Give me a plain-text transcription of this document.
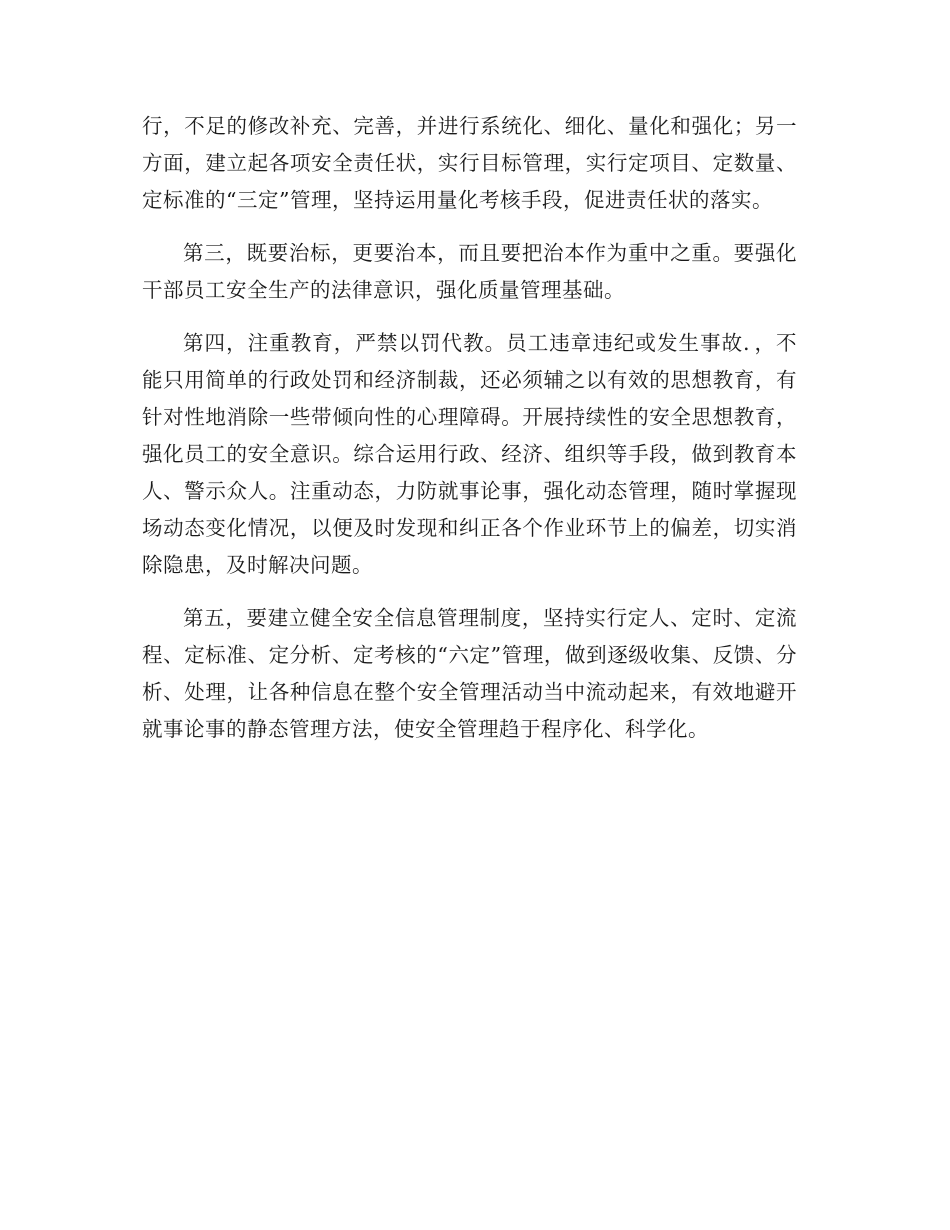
行，不足的修改补充、完善，并进行系统化、细化、量化和强化；另一方面，建立起各项安全责任状，实行目标管理，实行定项目、定数量、定标准的“三定”管理，坚持运用量化考核手段，促进责任状的落实。

第三，既要治标，更要治本，而且要把治本作为重中之重。要强化干部员工安全生产的法律意识，强化质量管理基础。

第四，注重教育，严禁以罚代教。员工违章违纪或发生事故．，不能只用简单的行政处罚和经济制裁，还必须辅之以有效的思想教育，有针对性地消除一些带倾向性的心理障碍。开展持续性的安全思想教育，强化员工的安全意识。综合运用行政、经济、组织等手段，做到教育本人、警示众人。注重动态，力防就事论事，强化动态管理，随时掌握现场动态变化情况，以便及时发现和纠正各个作业环节上的偏差，切实消除隐患，及时解决问题。

第五，要建立健全安全信息管理制度，坚持实行定人、定时、定流程、定标准、定分析、定考核的“六定”管理，做到逐级收集、反馈、分析、处理，让各种信息在整个安全管理活动当中流动起来，有效地避开就事论事的静态管理方法，使安全管理趋于程序化、科学化。
